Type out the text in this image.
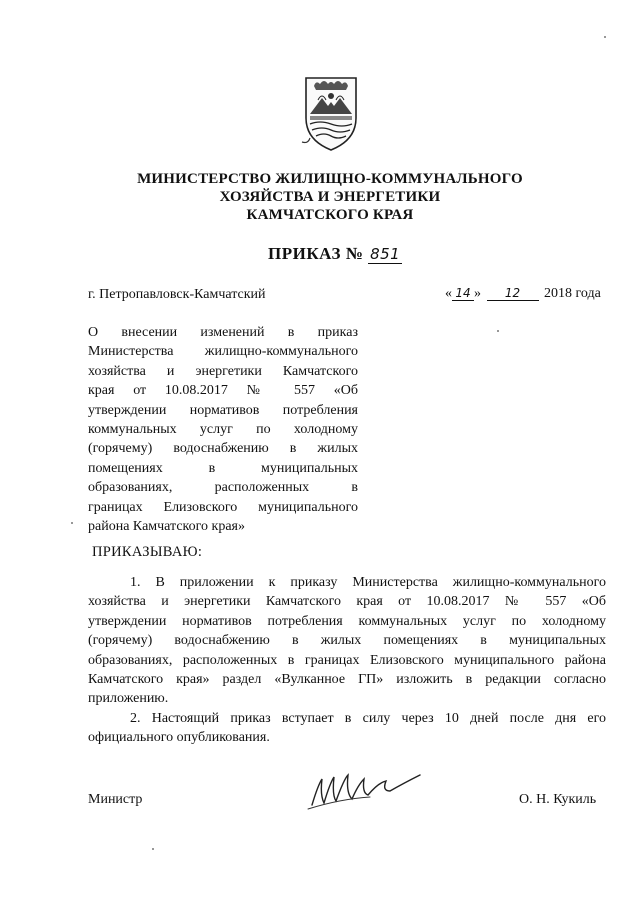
МИНИСТЕРСТВО ЖИЛИЩНО-КОММУНАЛЬНОГО
ХОЗЯЙСТВА И ЭНЕРГЕТИКИ
КАМЧАТСКОГО КРАЯ
ПРИКАЗ № 851
г. Петропавловск-Камчатский	« 14 » 12 2018 года
О внесении изменений в приказ
Министерства жилищно-коммунального
хозяйства и энергетики Камчатского
края от 10.08.2017 № 557 «Об
утверждении нормативов потребления
коммунальных услуг по холодному
(горячему) водоснабжению в жилых
помещениях в муниципальных
образованиях, расположенных в
границах Елизовского муниципального
района Камчатского края»
ПРИКАЗЫВАЮ:
1. В приложении к приказу Министерства жилищно-коммунального
хозяйства и энергетики Камчатского края от 10.08.2017 № 557 «Об
утверждении нормативов потребления коммунальных услуг по холодному
(горячему) водоснабжению в жилых помещениях в муниципальных
образованиях, расположенных в границах Елизовского муниципального района
Камчатского края» раздел «Вулканное ГП» изложить в редакции согласно
приложению.
2. Настоящий приказ вступает в силу через 10 дней после дня его
официального опубликования.
Министр	О. Н. Кукиль
